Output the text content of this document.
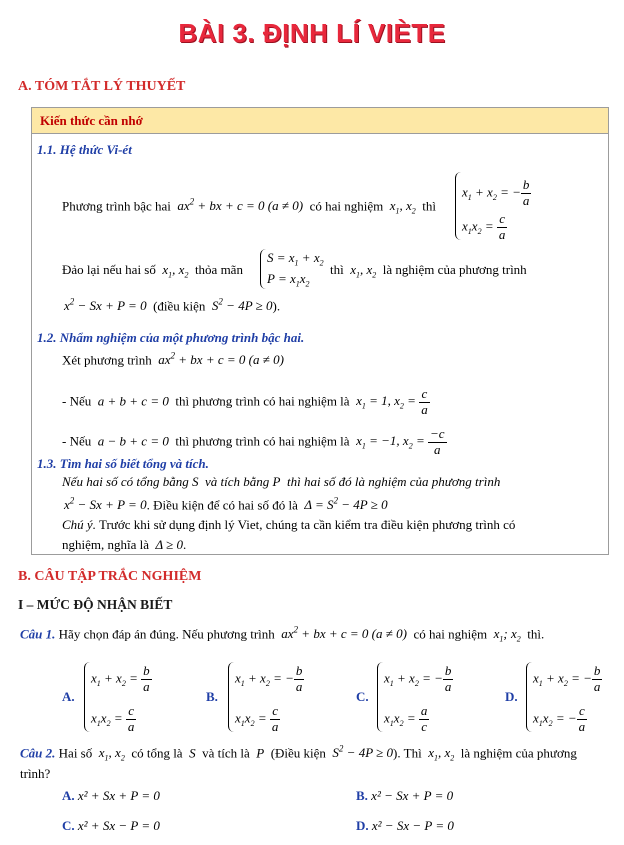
BÀI 3. ĐỊNH LÍ VIÈTE
A. TÓM TẮT LÝ THUYẾT
Kiến thức cần nhớ
1.1. Hệ thức Vi-ét
Phương trình bậc hai  $ax^2$ + bx + c = 0 (a ≠ 0)  có hai nghiệm  $x_1$, $x_2$ thì
$x_1 + x_2$ = − $\frac{b}{a}$
$x_1x_2 = \frac{c}{a}$
Đảo lại nếu hai số  $x_1$, $x_2$ thỏa mãn
$S = x_1 + x_2$
$P = x_1x_2$
thì  $x_1$, $x_2$ là nghiệm của phương trình
$x^2 - Sx + P = 0$ (điều kiện  $S^2 - 4P \ge 0$).
1.2. Nhẩm nghiệm của một phương trình bậc hai.
Xét phương trình  $ax^2$ + bx + c = 0 (a ≠ 0)
- Nếu  a + b + c = 0  thì phương trình có hai nghiệm là  $x_1 = 1$, $x_2 = \frac{c}{a}$
- Nếu  a − b + c = 0  thì phương trình có hai nghiệm là  $x_1 = -1$, $x_2 = \frac{-c}{a}$
1.3. Tìm hai số biết tổng và tích.
Nếu hai số có tổng bằng S  và tích bằng P  thì hai số đó là nghiệm của phương trình
$x^2 - Sx + P = 0$. Điều kiện để có hai số đó là  $\Delta = S^2 - 4P \ge 0$
Chú ý. Trước khi sử dụng định lý Viet, chúng ta cần kiểm tra điều kiện phương trình có
nghiệm, nghĩa là  Δ ≥ 0.
B. CÂU TẬP TRẮC NGHIỆM
I – MỨC ĐỘ NHẬN BIẾT
Câu 1. Hãy chọn đáp án đúng. Nếu phương trình  $ax^2$ + bx + c = 0 (a ≠ 0)  có hai nghiệm  $x_1$; $x_2$ thì.
A.
$x_1 + x_2 = \frac{b}{a}$
$x_1x_2 = \frac{c}{a}$
B.
$x_1 + x_2$ = − $\frac{b}{a}$
$x_1x_2 = \frac{c}{a}$
C.
$x_1 + x_2$ = − $\frac{b}{a}$
$x_1x_2 = \frac{a}{c}$
D.
$x_1 + x_2$ = − $\frac{b}{a}$
$x_1x_2$ = − $\frac{c}{a}$
Câu 2. Hai số  $x_1$, $x_2$ có tổng là  S  và tích là  P  (Điều kiện  $S^2 - 4P \ge 0$). Thì  $x_1$, $x_2$ là nghiệm của phương
trình?
A. x² + Sx + P = 0	B. x² − Sx + P = 0
C. x² + Sx − P = 0	D. x² − Sx − P = 0
